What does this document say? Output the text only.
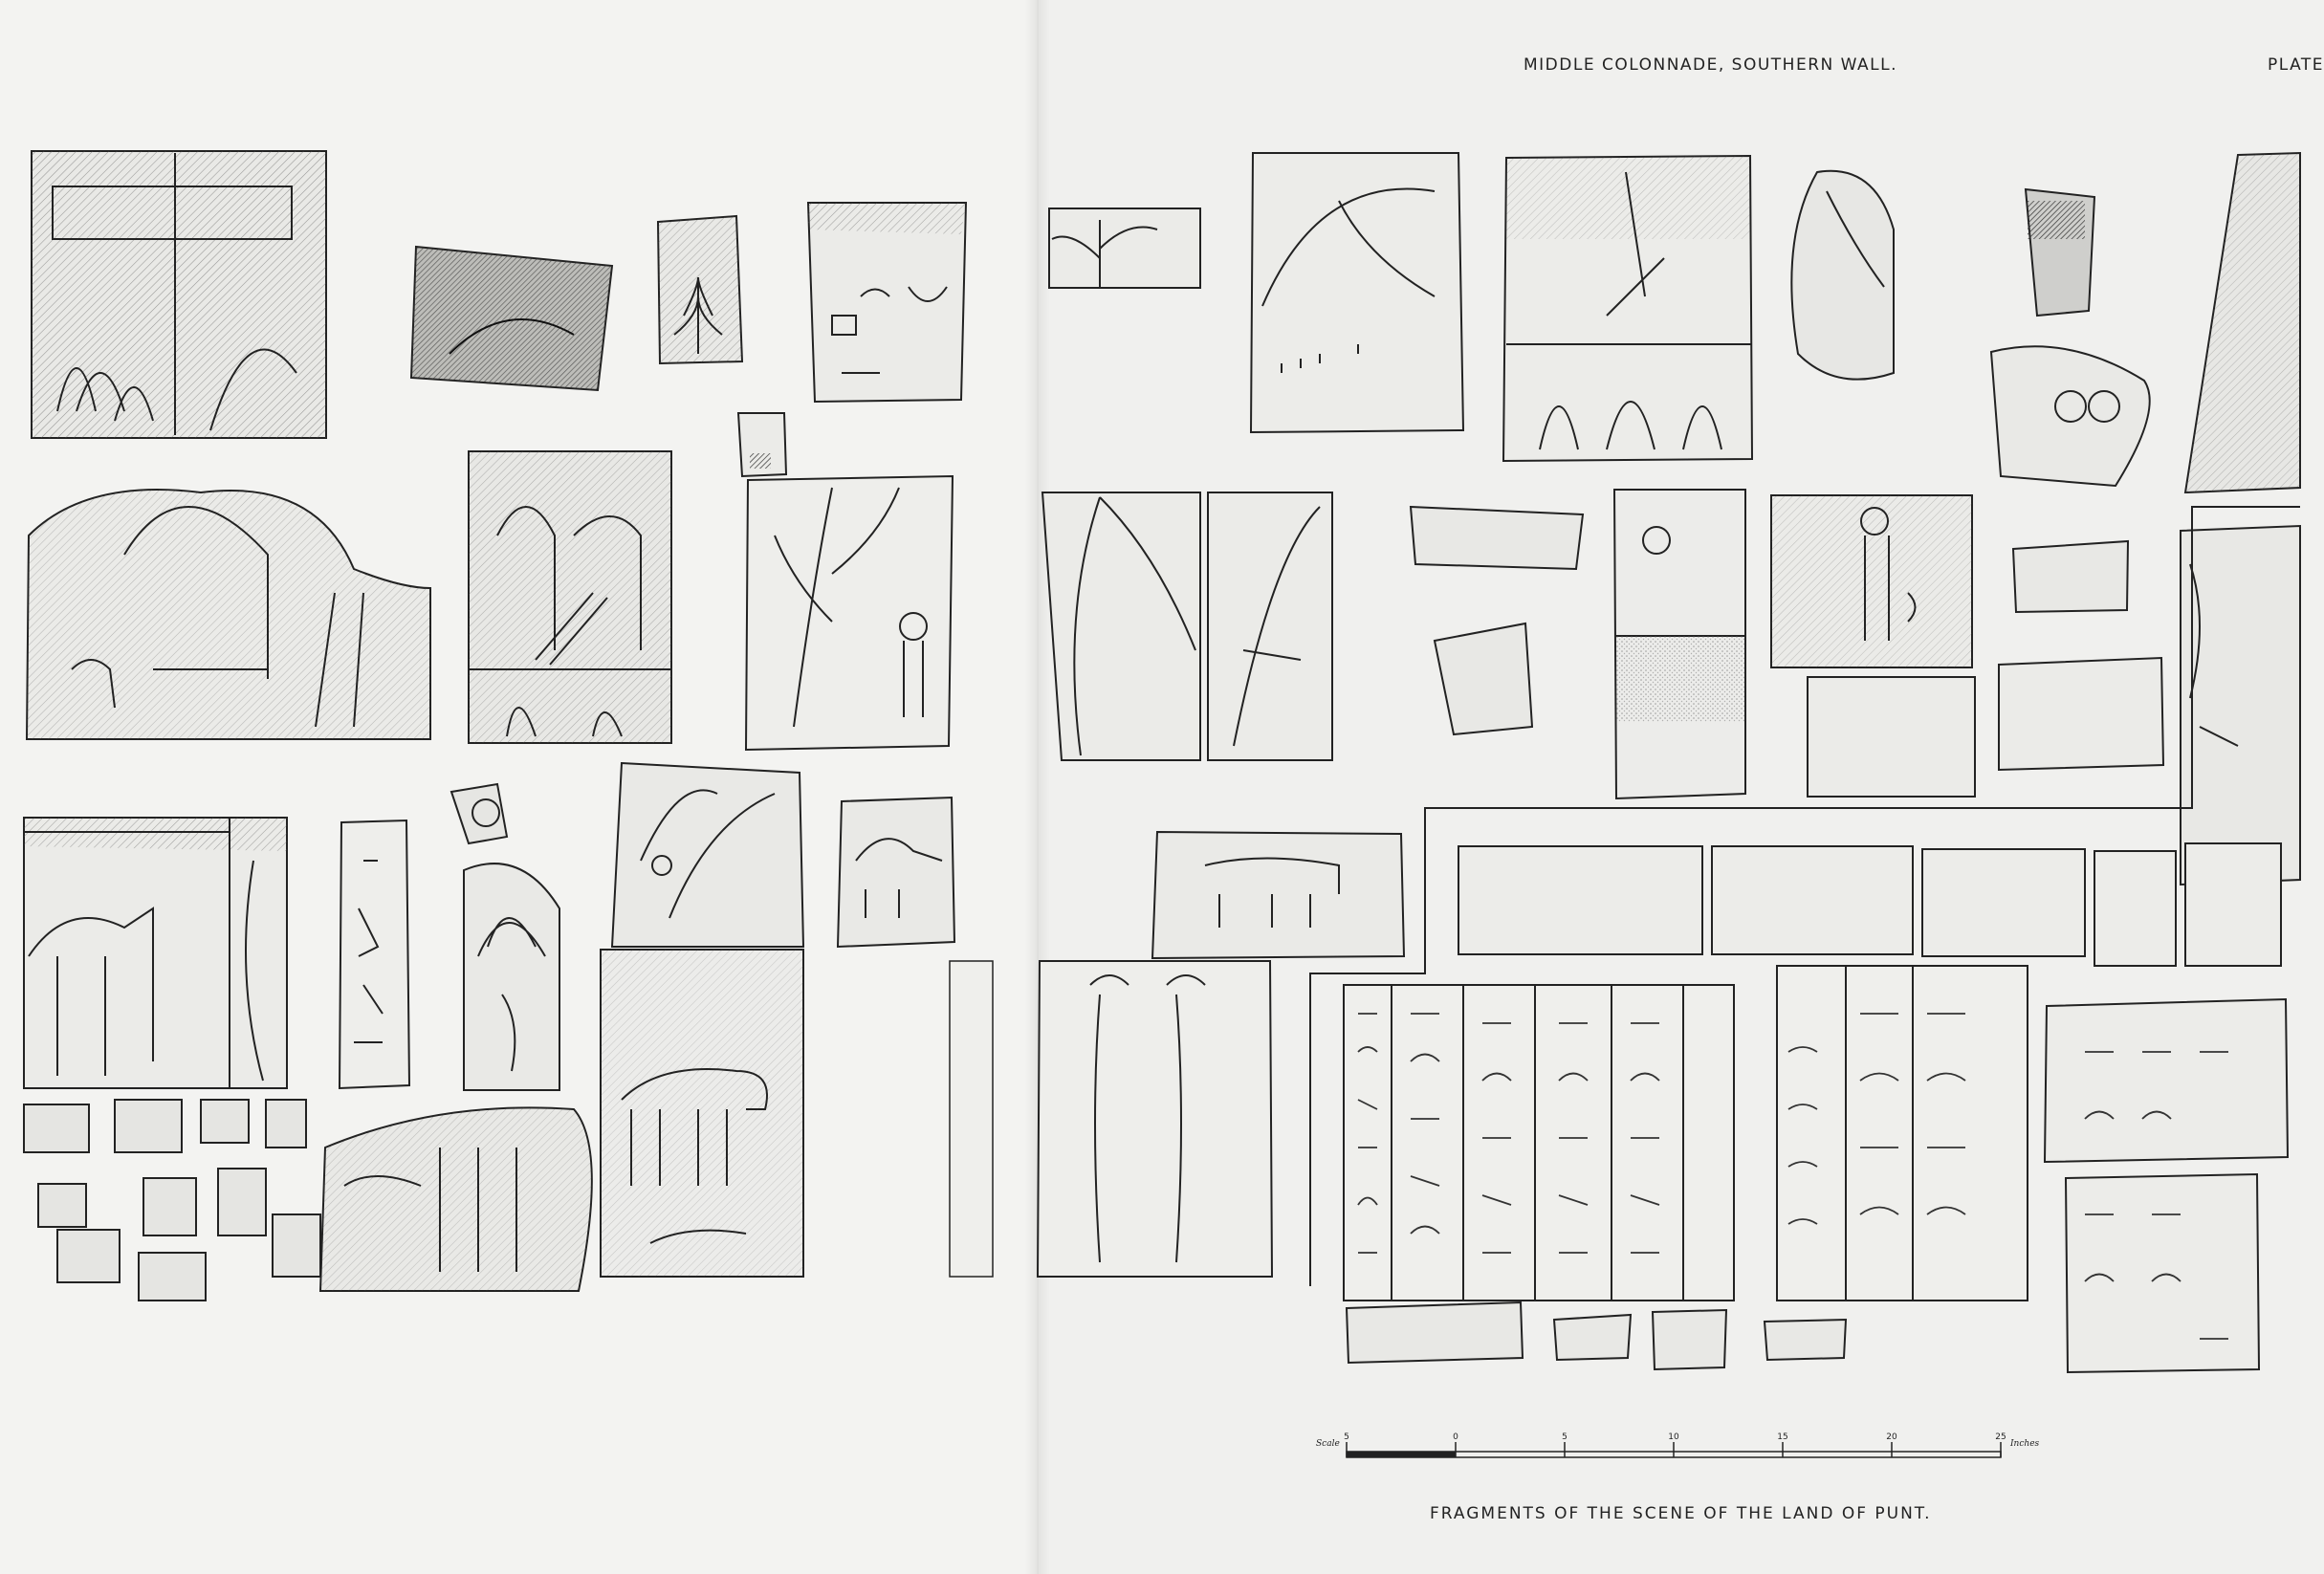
MIDDLE COLONNADE, SOUTHERN WALL.	PLATE
Scale	Inches
5	0	5	10	15	20	25
FRAGMENTS OF THE SCENE OF THE LAND OF PUNT.
